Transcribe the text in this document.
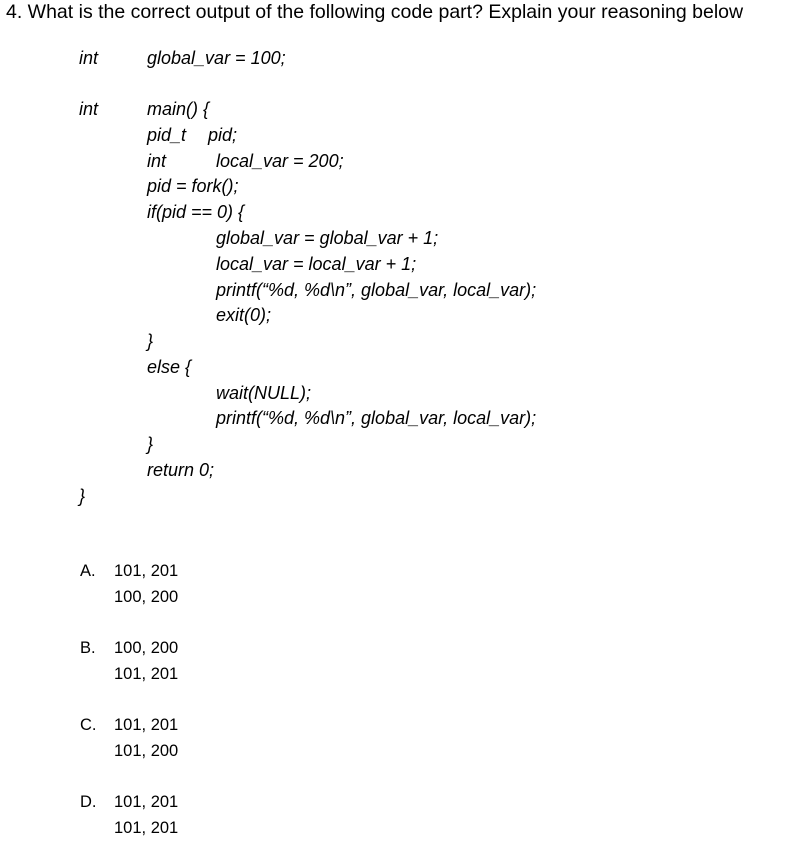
4. What is the correct output of the following code part? Explain your reasoning below
int	global_var = 100;
int	main() {
pid_t pid;
int	local_var = 200;
pid = fork();
if(pid == 0) {
global_var = global_var + 1;
local_var = local_var + 1;
printf(“%d, %d\n”, global_var, local_var);
exit(0);
}
else {
wait(NULL);
printf(“%d, %d\n”, global_var, local_var);
}
return 0;
}
A. 101, 201
100, 200
B. 100, 200
101, 201
C. 101, 201
101, 200
D. 101, 201
101, 201
